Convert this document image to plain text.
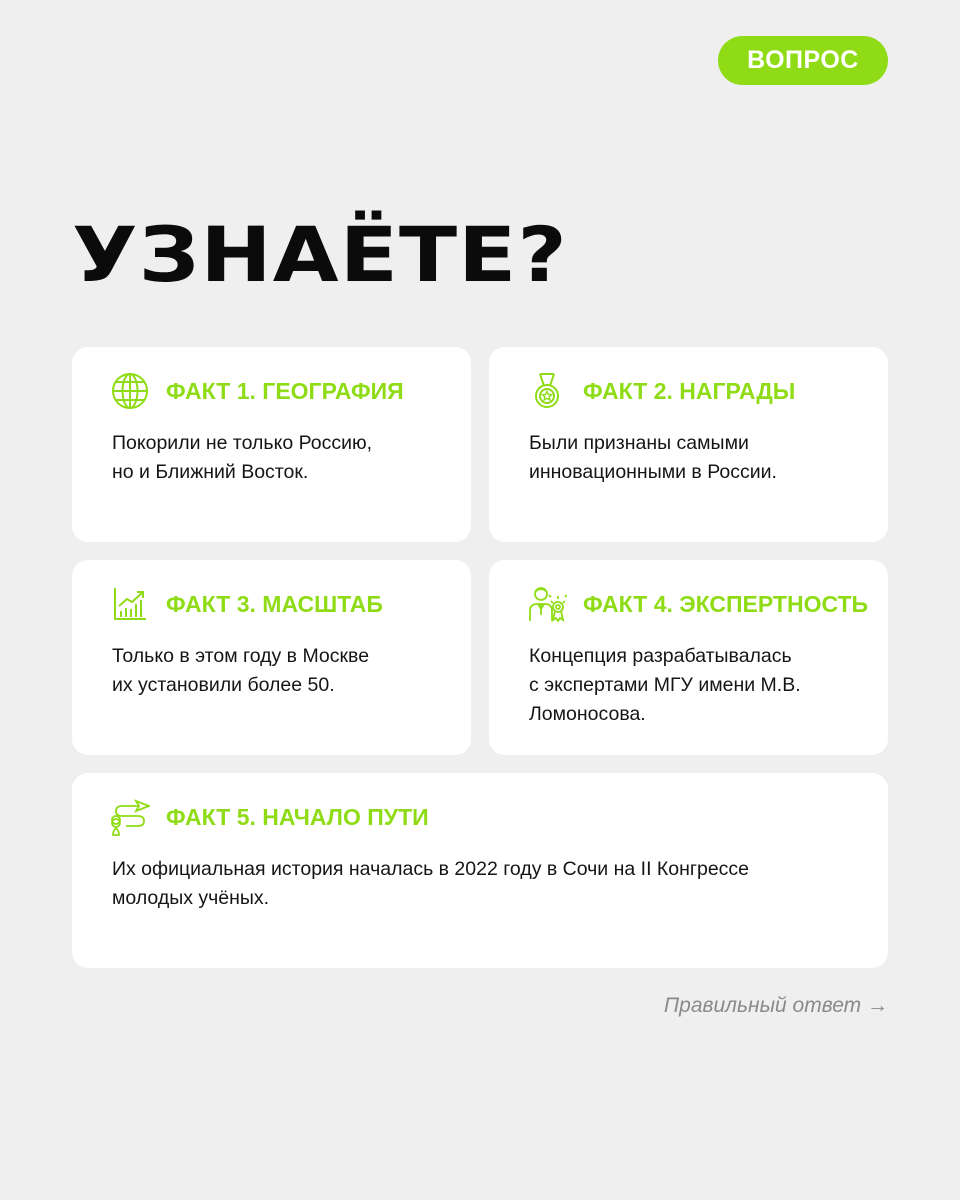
ВОПРОС
УЗНАЁТЕ?
ФАКТ 1. ГЕОГРАФИЯ

Покорили не только Россию,
но и Ближний Восток.

ФАКТ 2. НАГРАДЫ

Были признаны самыми
инновационными в России.

ФАКТ 3. МАСШТАБ

Только в этом году в Москве
их установили более 50.

ФАКТ 4. ЭКСПЕРТНОСТЬ

Концепция разрабатывалась
с экспертами МГУ имени М.В.
Ломоносова.

ФАКТ 5. НАЧАЛО ПУТИ

Их официальная история началась в 2022 году в Сочи на II Конгрессе
молодых учёных.

Правильный ответ →
